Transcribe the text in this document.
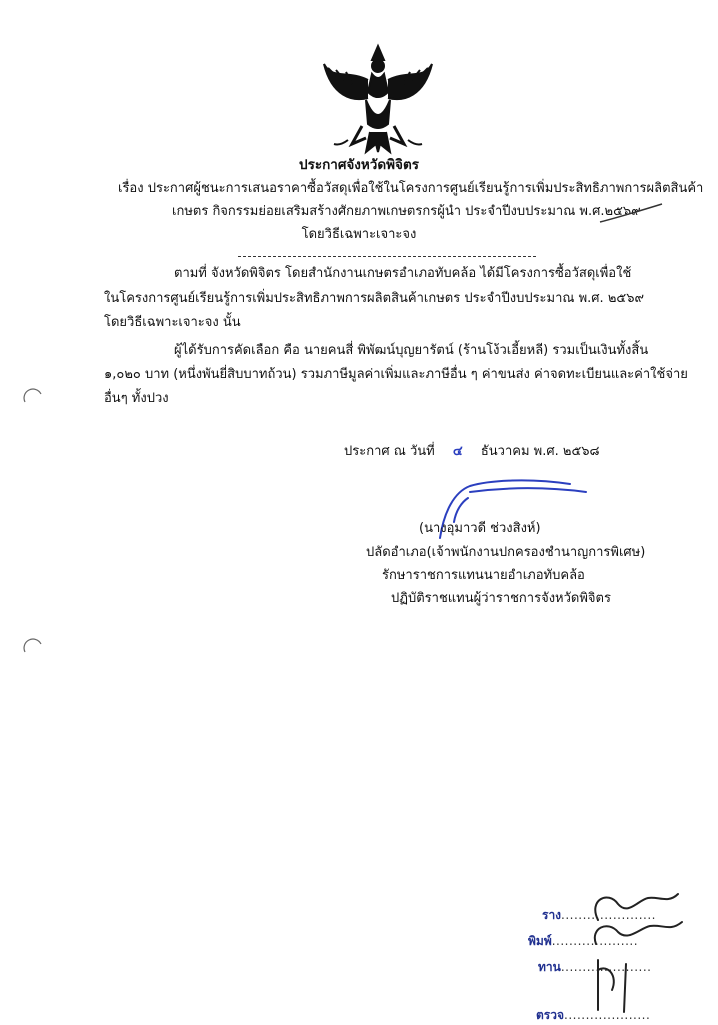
ประกาศจังหวัดพิจิตร
เรื่อง ประกาศผู้ชนะการเสนอราคาซื้อวัสดุเพื่อใช้ในโครงการศูนย์เรียนรู้การเพิ่มประสิทธิภาพการผลิตสินค้า
เกษตร กิจกรรมย่อยเสริมสร้างศักยภาพเกษตรกรผู้นำ ประจำปีงบประมาณ พ.ศ.๒๕๖๙
โดยวิธีเฉพาะเจาะจง
ตามที่ จังหวัดพิจิตร โดยสำนักงานเกษตรอำเภอทับคล้อ ได้มีโครงการซื้อวัสดุเพื่อใช้
ในโครงการศูนย์เรียนรู้การเพิ่มประสิทธิภาพการผลิตสินค้าเกษตร ประจำปีงบประมาณ พ.ศ. ๒๕๖๙
โดยวิธีเฉพาะเจาะจง นั้น
ผู้ได้รับการคัดเลือก คือ นายคนสี่ พิพัฒน์บุญยารัตน์ (ร้านโง้วเอี้ยหลี) รวมเป็นเงินทั้งสิ้น
๑,๐๒๐ บาท (หนึ่งพันยี่สิบบาทถ้วน) รวมภาษีมูลค่าเพิ่มและภาษีอื่น ๆ ค่าขนส่ง ค่าจดทะเบียนและค่าใช้จ่าย
อื่นๆ ทั้งปวง
ประกาศ ณ วันที่ ๔ ธันวาคม พ.ศ. ๒๕๖๘
(นางอุมาวดี ช่วงสิงห์)
ปลัดอำเภอ(เจ้าพนักงานปกครองชำนาญการพิเศษ)
รักษาราชการแทนนายอำเภอทับคล้อ
ปฏิบัติราชแทนผู้ว่าราชการจังหวัดพิจิตร
ราง......................
พิมพ์....................
ทาน.....................
ตรวจ....................
